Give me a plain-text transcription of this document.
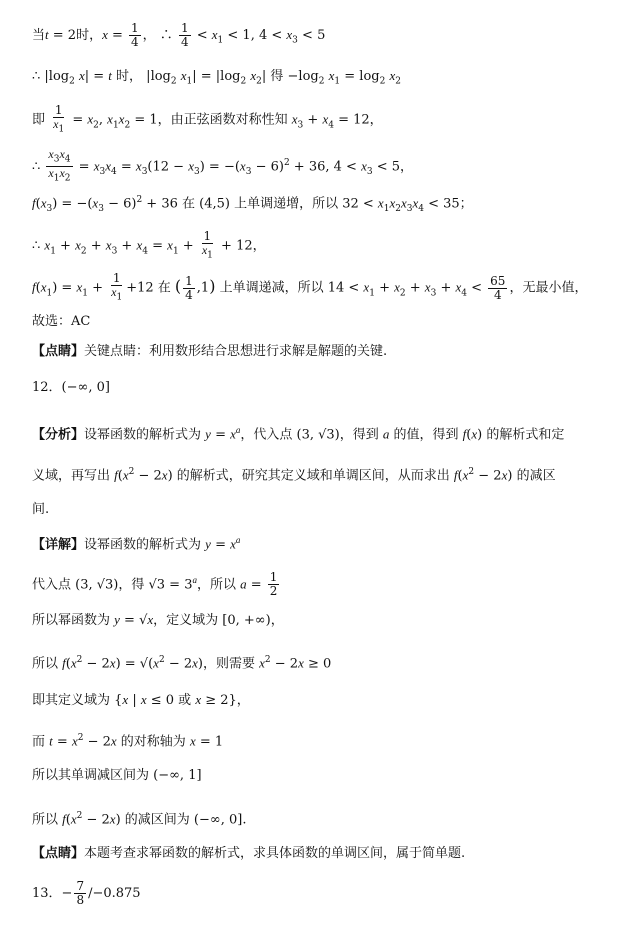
当t = 2时，$x = \frac{1}{4}$ ， ∴ $\frac{1}{4} < x_1 < 1$, $4 < x_3 < 5$
∴ $|\log_2$ x| = t 时， $|\log_2$ $x_1| = |\log_2$ $x_2|$ 得 $-\log_2$ $x_1 = \log_2 x_2$
即 $\frac{1}{x_1} = x_2$, $x_1x_2 = 1$，由正弦函数对称性知 $x_3 + x_4 = 12$，
∴ $\frac{x_3x_4}{x_1x_2} = x_3x_4 = x_3(12 - x_3) = -(x_3 - 6)^2 + 36$, $4 < x_3 < 5$，
$f(x_3) = -(x_3 - 6)^2 + 36$ 在 (4,5) 上单调递增，所以 $32 < x_1x_2x_3x_4 < 35$；
∴ $x_1 + x_2 + x_3 + x_4 = x_1 + \frac{1}{x_1} + 12$，
$f(x_1) = x_1 + \frac{1}{x_1} +12$ 在 ( $\frac{1}{4} ,1$) 上单调递减，所以 $14 < x_1 + x_2 + x_3 + x_4 < \frac{65}{4}$ ，无最小值，
故选：AC
【点睛】关键点睛：利用数形结合思想进行求解是解题的关键.
12．(−∞, 0]
【分析】设幂函数的解析式为 $y = x^a$，代入点 (3, √3)，得到 a 的值，得到 f(x) 的解析式和定
义域，再写出 $f(x^2 - 2x)$ 的解析式，研究其定义域和单调区间，从而求出 $f(x^2 - 2x)$ 的减区
间.
【详解】设幂函数的解析式为 $y = x^a$
代入点 (3, √3)，得 $√3 = 3^a$，所以 $a = \frac{1}{2}$
所以幂函数为 y = √x，定义域为 [0, +∞)，
所以 $f(x^2 - 2x) = √(x^2 - 2x)$，则需要 $x^2 - 2x \ge 0$
即其定义域为 {x | x ≤ 0 或 x ≥ 2}，
而 $t = x^2 - 2x$ 的对称轴为 x = 1
所以其单调减区间为 (−∞, 1]
所以 $f(x^2 - 2x)$ 的减区间为 (−∞, 0].
【点睛】本题考查求幂函数的解析式，求具体函数的单调区间，属于简单题.
13．− $\frac{7}{8} /-0.875$
